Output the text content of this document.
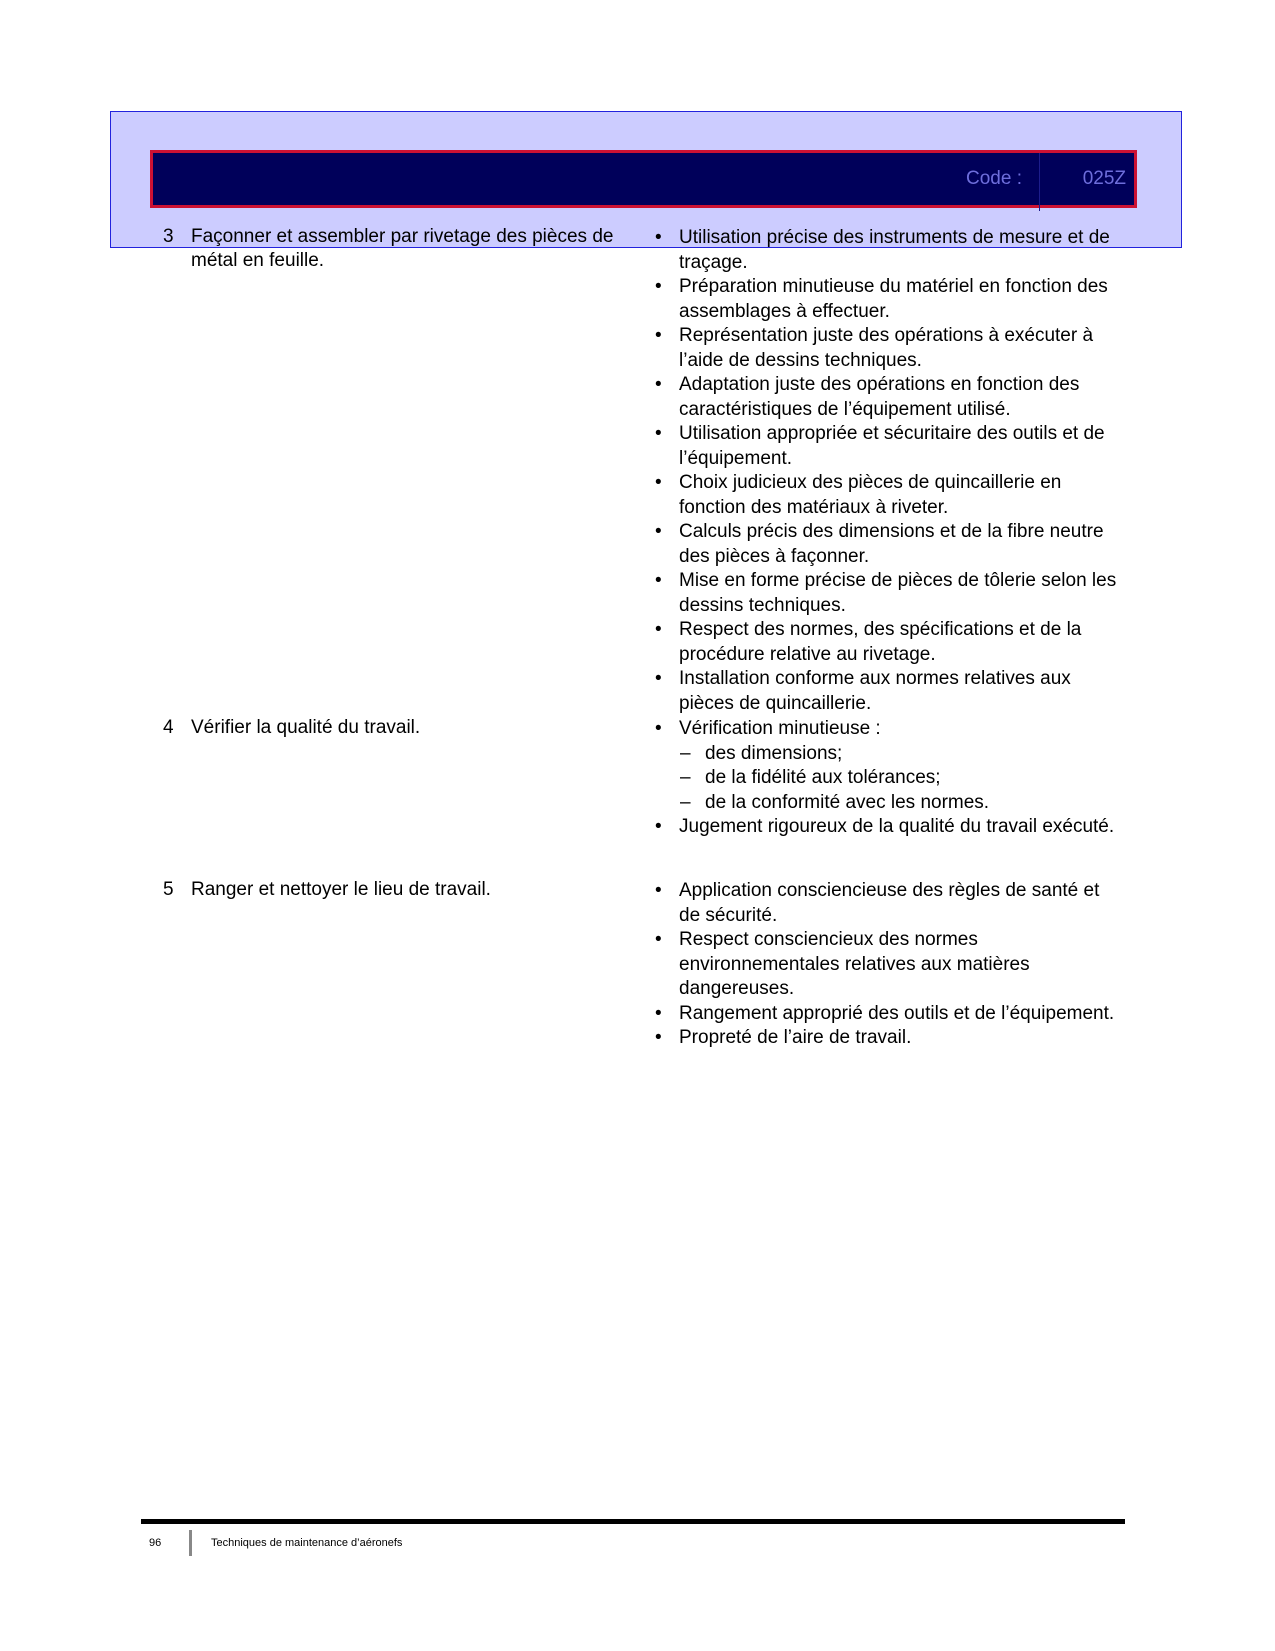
Code :	025Z
3 Façonner et assembler par rivetage des pièces de métal en feuille.
• Utilisation précise des instruments de mesure et de traçage.
• Préparation minutieuse du matériel en fonction des assemblages à effectuer.
• Représentation juste des opérations à exécuter à l’aide de dessins techniques.
• Adaptation juste des opérations en fonction des caractéristiques de l’équipement utilisé.
• Utilisation appropriée et sécuritaire des outils et de l’équipement.
• Choix judicieux des pièces de quincaillerie en fonction des matériaux à riveter.
• Calculs précis des dimensions et de la fibre neutre des pièces à façonner.
• Mise en forme précise de pièces de tôlerie selon les dessins techniques.
• Respect des normes, des spécifications et de la procédure relative au rivetage.
• Installation conforme aux normes relatives aux pièces de quincaillerie.
4 Vérifier la qualité du travail.	• Vérification minutieuse :
– des dimensions;
– de la fidélité aux tolérances;
– de la conformité avec les normes.
• Jugement rigoureux de la qualité du travail exécuté.
5 Ranger et nettoyer le lieu de travail.	• Application consciencieuse des règles de santé et de sécurité.
• Respect consciencieux des normes environnementales relatives aux matières dangereuses.
• Rangement approprié des outils et de l’équipement.
• Propreté de l’aire de travail.
96	Techniques de maintenance d’aéronefs
